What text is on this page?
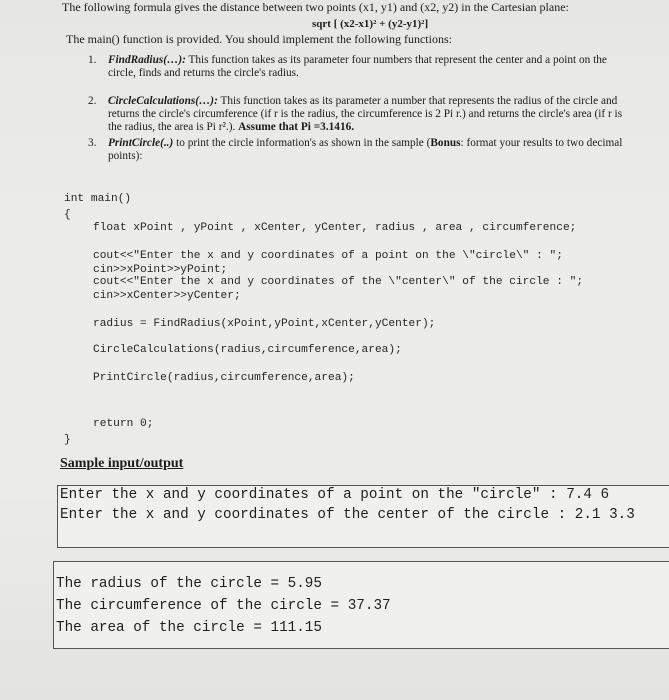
The following formula gives the distance between two points (x1, y1) and (x2, y2) in the Cartesian plane:
sqrt [ (x2-x1)² + (y2-y1)²]
The main() function is provided. You should implement the following functions:
1. FindRadius(…): This function takes as its parameter four numbers that represent the center and a point on the circle, finds and returns the circle's radius.
2. CircleCalculations(…): This function takes as its parameter a number that represents the radius of the circle and returns the circle's circumference (if r is the radius, the circumference is 2 Pi r.) and returns the circle's area (if r is the radius, the area is Pi r².). Assume that Pi =3.1416.
3. PrintCircle(..) to print the circle information's as shown in the sample (Bonus: format your results to two decimal points):
int main()
{
float xPoint , yPoint , xCenter, yCenter, radius , area , circumference;
cout<<"Enter the x and y coordinates of a point on the \"circle\" : ";
cin>>xPoint>>yPoint;
cout<<"Enter the x and y coordinates of the \"center\" of the circle : ";
cin>>xCenter>>yCenter;
radius = FindRadius(xPoint,yPoint,xCenter,yCenter);
CircleCalculations(radius,circumference,area);
PrintCircle(radius,circumference,area);
return 0;
}
Sample input/output
Enter the x and y coordinates of a point on the "circle" : 7.4 6
Enter the x and y coordinates of the center of the circle : 2.1 3.3
The radius of the circle = 5.95
The circumference of the circle = 37.37
The area of the circle = 111.15
